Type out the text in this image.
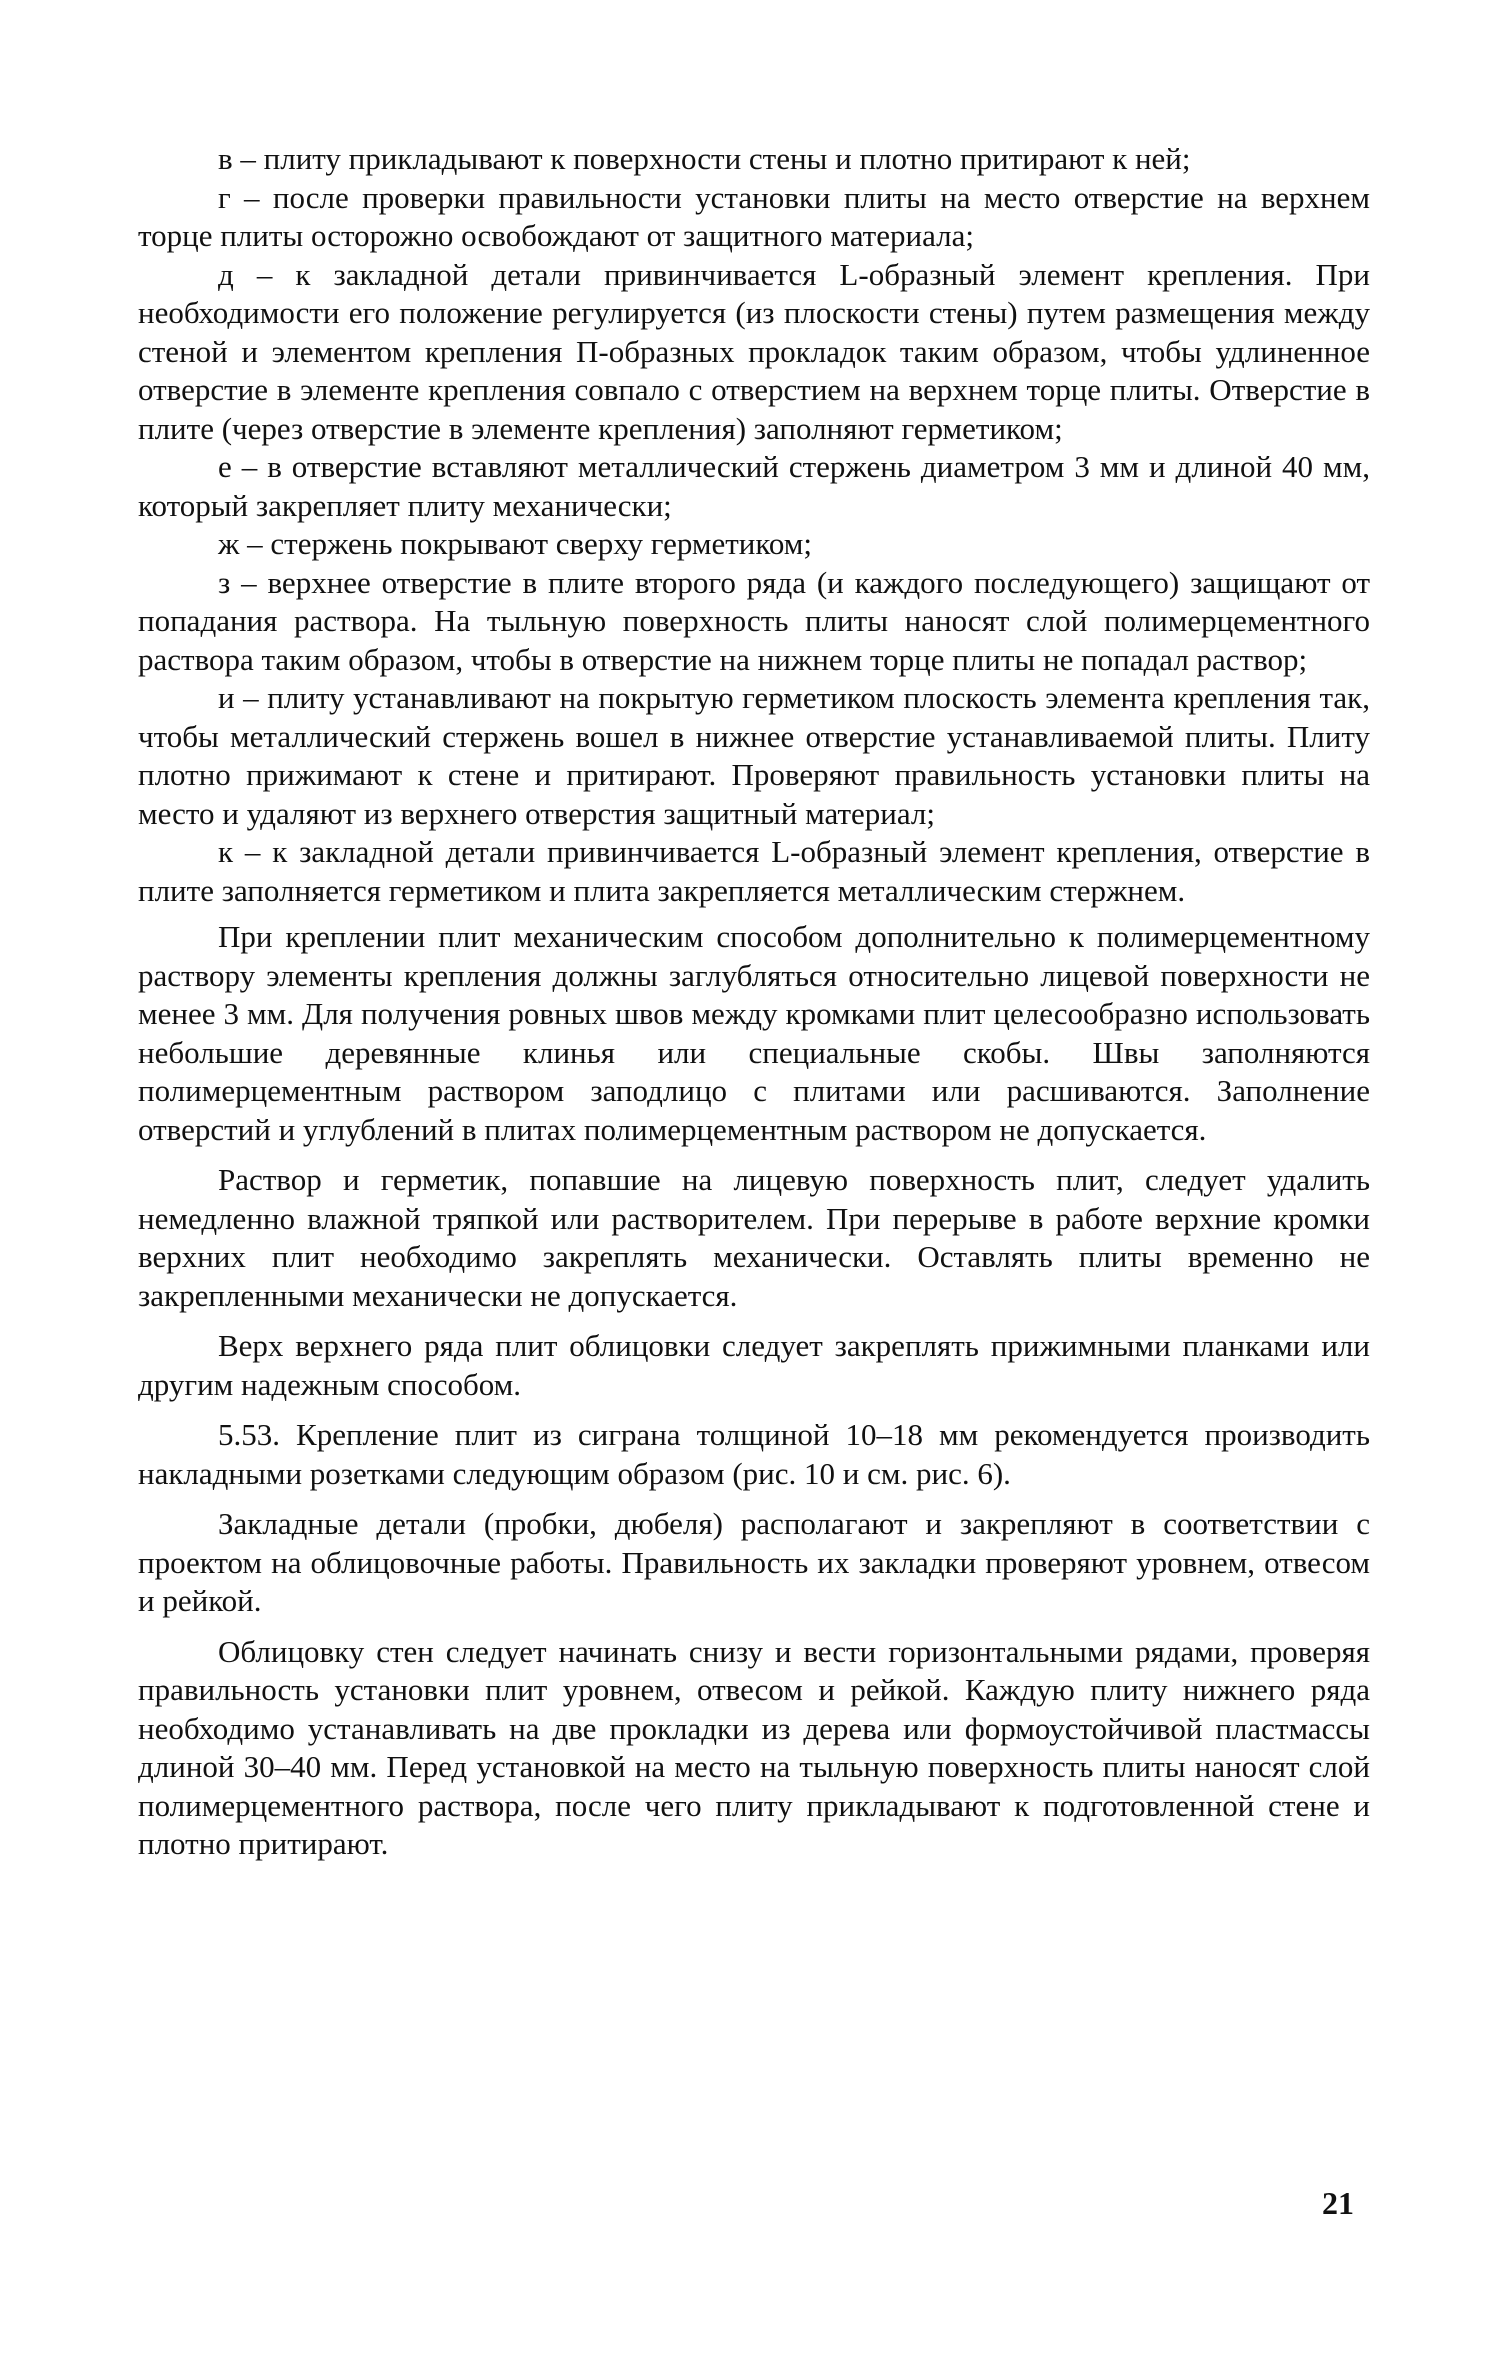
в – плиту прикладывают к поверхности стены и плотно притирают к ней;

г – после проверки правильности установки плиты на место отверстие на верхнем торце плиты осторожно освобождают от защитного материала;

д – к закладной детали привинчивается L-образный элемент крепления. При необходимости его положение регулируется (из плоскости стены) путем размещения между стеной и элементом крепления П-образных прокладок таким образом, чтобы удлиненное отверстие в элементе крепления совпало с отверстием на верхнем торце плиты. Отверстие в плите (через отверстие в элементе крепления) заполняют герметиком;

е – в отверстие вставляют металлический стержень диаметром 3 мм и длиной 40 мм, который закрепляет плиту механически;

ж – стержень покрывают сверху герметиком;

з – верхнее отверстие в плите второго ряда (и каждого последующего) защищают от попадания раствора. На тыльную поверхность плиты наносят слой полимерцементного раствора таким образом, чтобы в отверстие на нижнем торце плиты не попадал раствор;

и – плиту устанавливают на покрытую герметиком плоскость элемента крепления так, чтобы металлический стержень вошел в нижнее отверстие устанавливаемой плиты. Плиту плотно прижимают к стене и притирают. Проверяют правильность установки плиты на место и удаляют из верхнего отверстия защитный материал;

к – к закладной детали привинчивается L-образный элемент крепления, отверстие в плите заполняется герметиком и плита закрепляется металлическим стержнем.

При креплении плит механическим способом дополнительно к полимерцементному раствору элементы крепления должны заглубляться относительно лицевой поверхности не менее 3 мм. Для получения ровных швов между кромками плит целесообразно использовать небольшие деревянные клинья или специальные скобы. Швы заполняются полимерцементным раствором заподлицо с плитами или расшиваются. Заполнение отверстий и углублений в плитах полимерцементным раствором не допускается.

Раствор и герметик, попавшие на лицевую поверхность плит, следует удалить немедленно влажной тряпкой или растворителем. При перерыве в работе верхние кромки верхних плит необходимо закреплять механически. Оставлять плиты временно не закрепленными механически не допускается.

Верх верхнего ряда плит облицовки следует закреплять прижимными планками или другим надежным способом.

5.53. Крепление плит из сиграна толщиной 10–18 мм рекомендуется производить накладными розетками следующим образом (рис. 10 и см. рис. 6).

Закладные детали (пробки, дюбеля) располагают и закрепляют в соответствии с проектом на облицовочные работы. Правильность их закладки проверяют уровнем, отвесом и рейкой.

Облицовку стен следует начинать снизу и вести горизонтальными рядами, проверяя правильность установки плит уровнем, отвесом и рейкой. Каждую плиту нижнего ряда необходимо устанавливать на две прокладки из дерева или формоустойчивой пластмассы длиной 30–40 мм. Перед установкой на место на тыльную поверхность плиты наносят слой полимерцементного раствора, после чего плиту прикладывают к подготовленной стене и плотно притирают.

21
